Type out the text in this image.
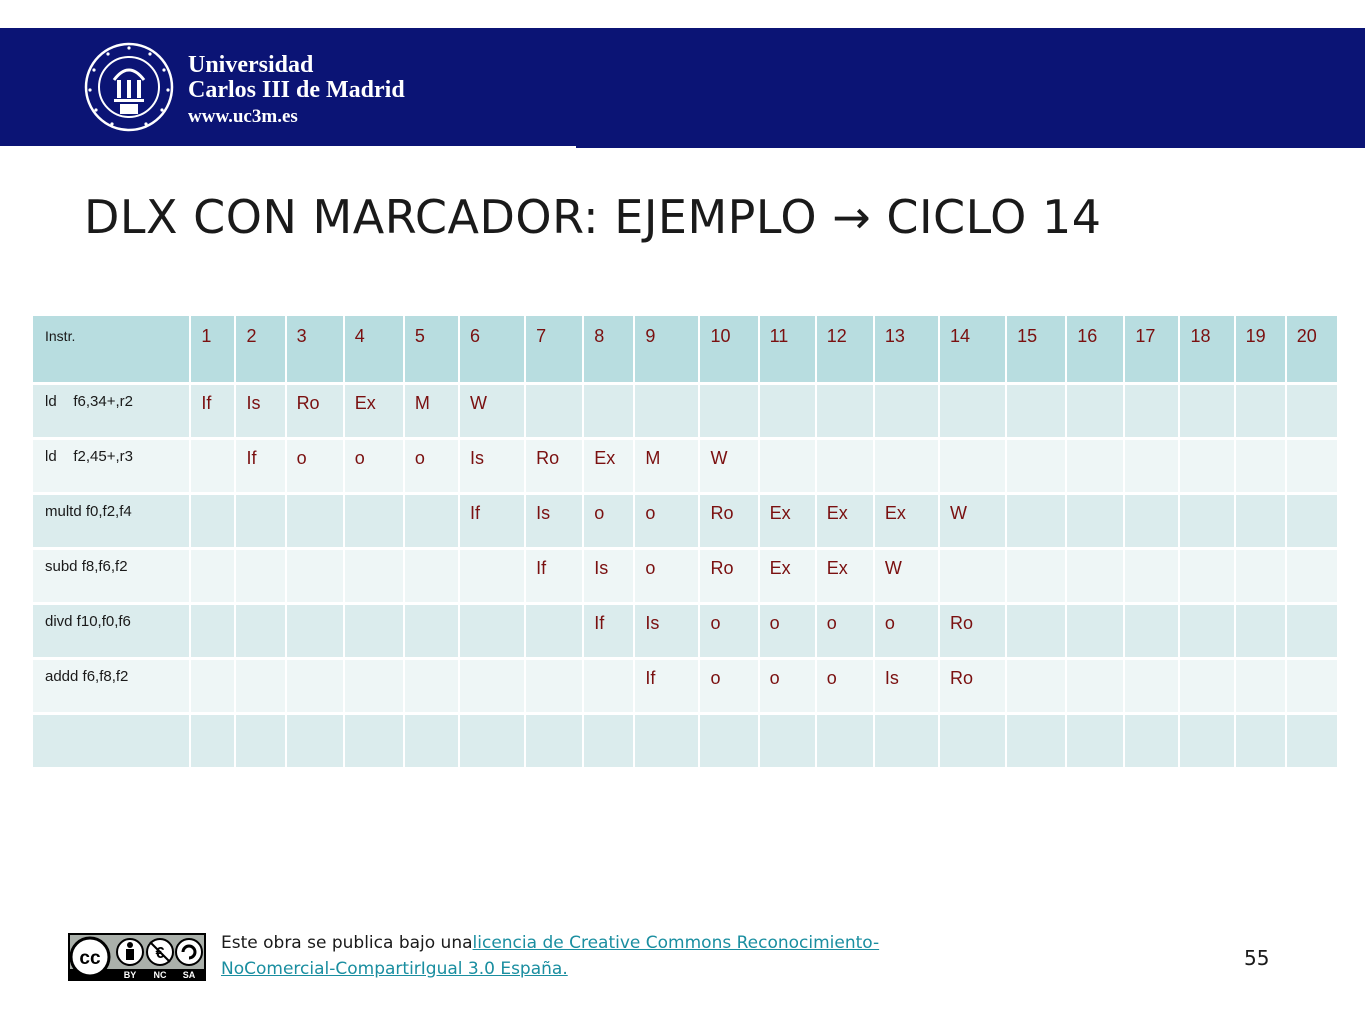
Universidad
Carlos III de Madrid
www.uc3m.es
DLX CON MARCADOR: EJEMPLO → CICLO 14
Instr.	1	2	3	4	5	6	7	8	9	10	11	12	13	14	15	16	17	18	19	20

ld    f6,34+,r2	If	Is	Ro	Ex	M	W														

ld    f2,45+,r3		If	o	o	o	Is	Ro	Ex	M	W										

multd f0,f2,f4						If	Is	o	o	Ro	Ex	Ex	Ex	W						

subd f8,f6,f2							If	Is	o	Ro	Ex	Ex	W							

divd f10,f0,f6								If	Is	o	o	o	o	Ro						

addd f6,f8,f2									If	o	o	o	Is	Ro						

cc	€
BY NC SA
Este obra se publica bajo unalicencia de Creative Commons Reconocimiento-NoComercial-CompartirIgual 3.0 España.	55
